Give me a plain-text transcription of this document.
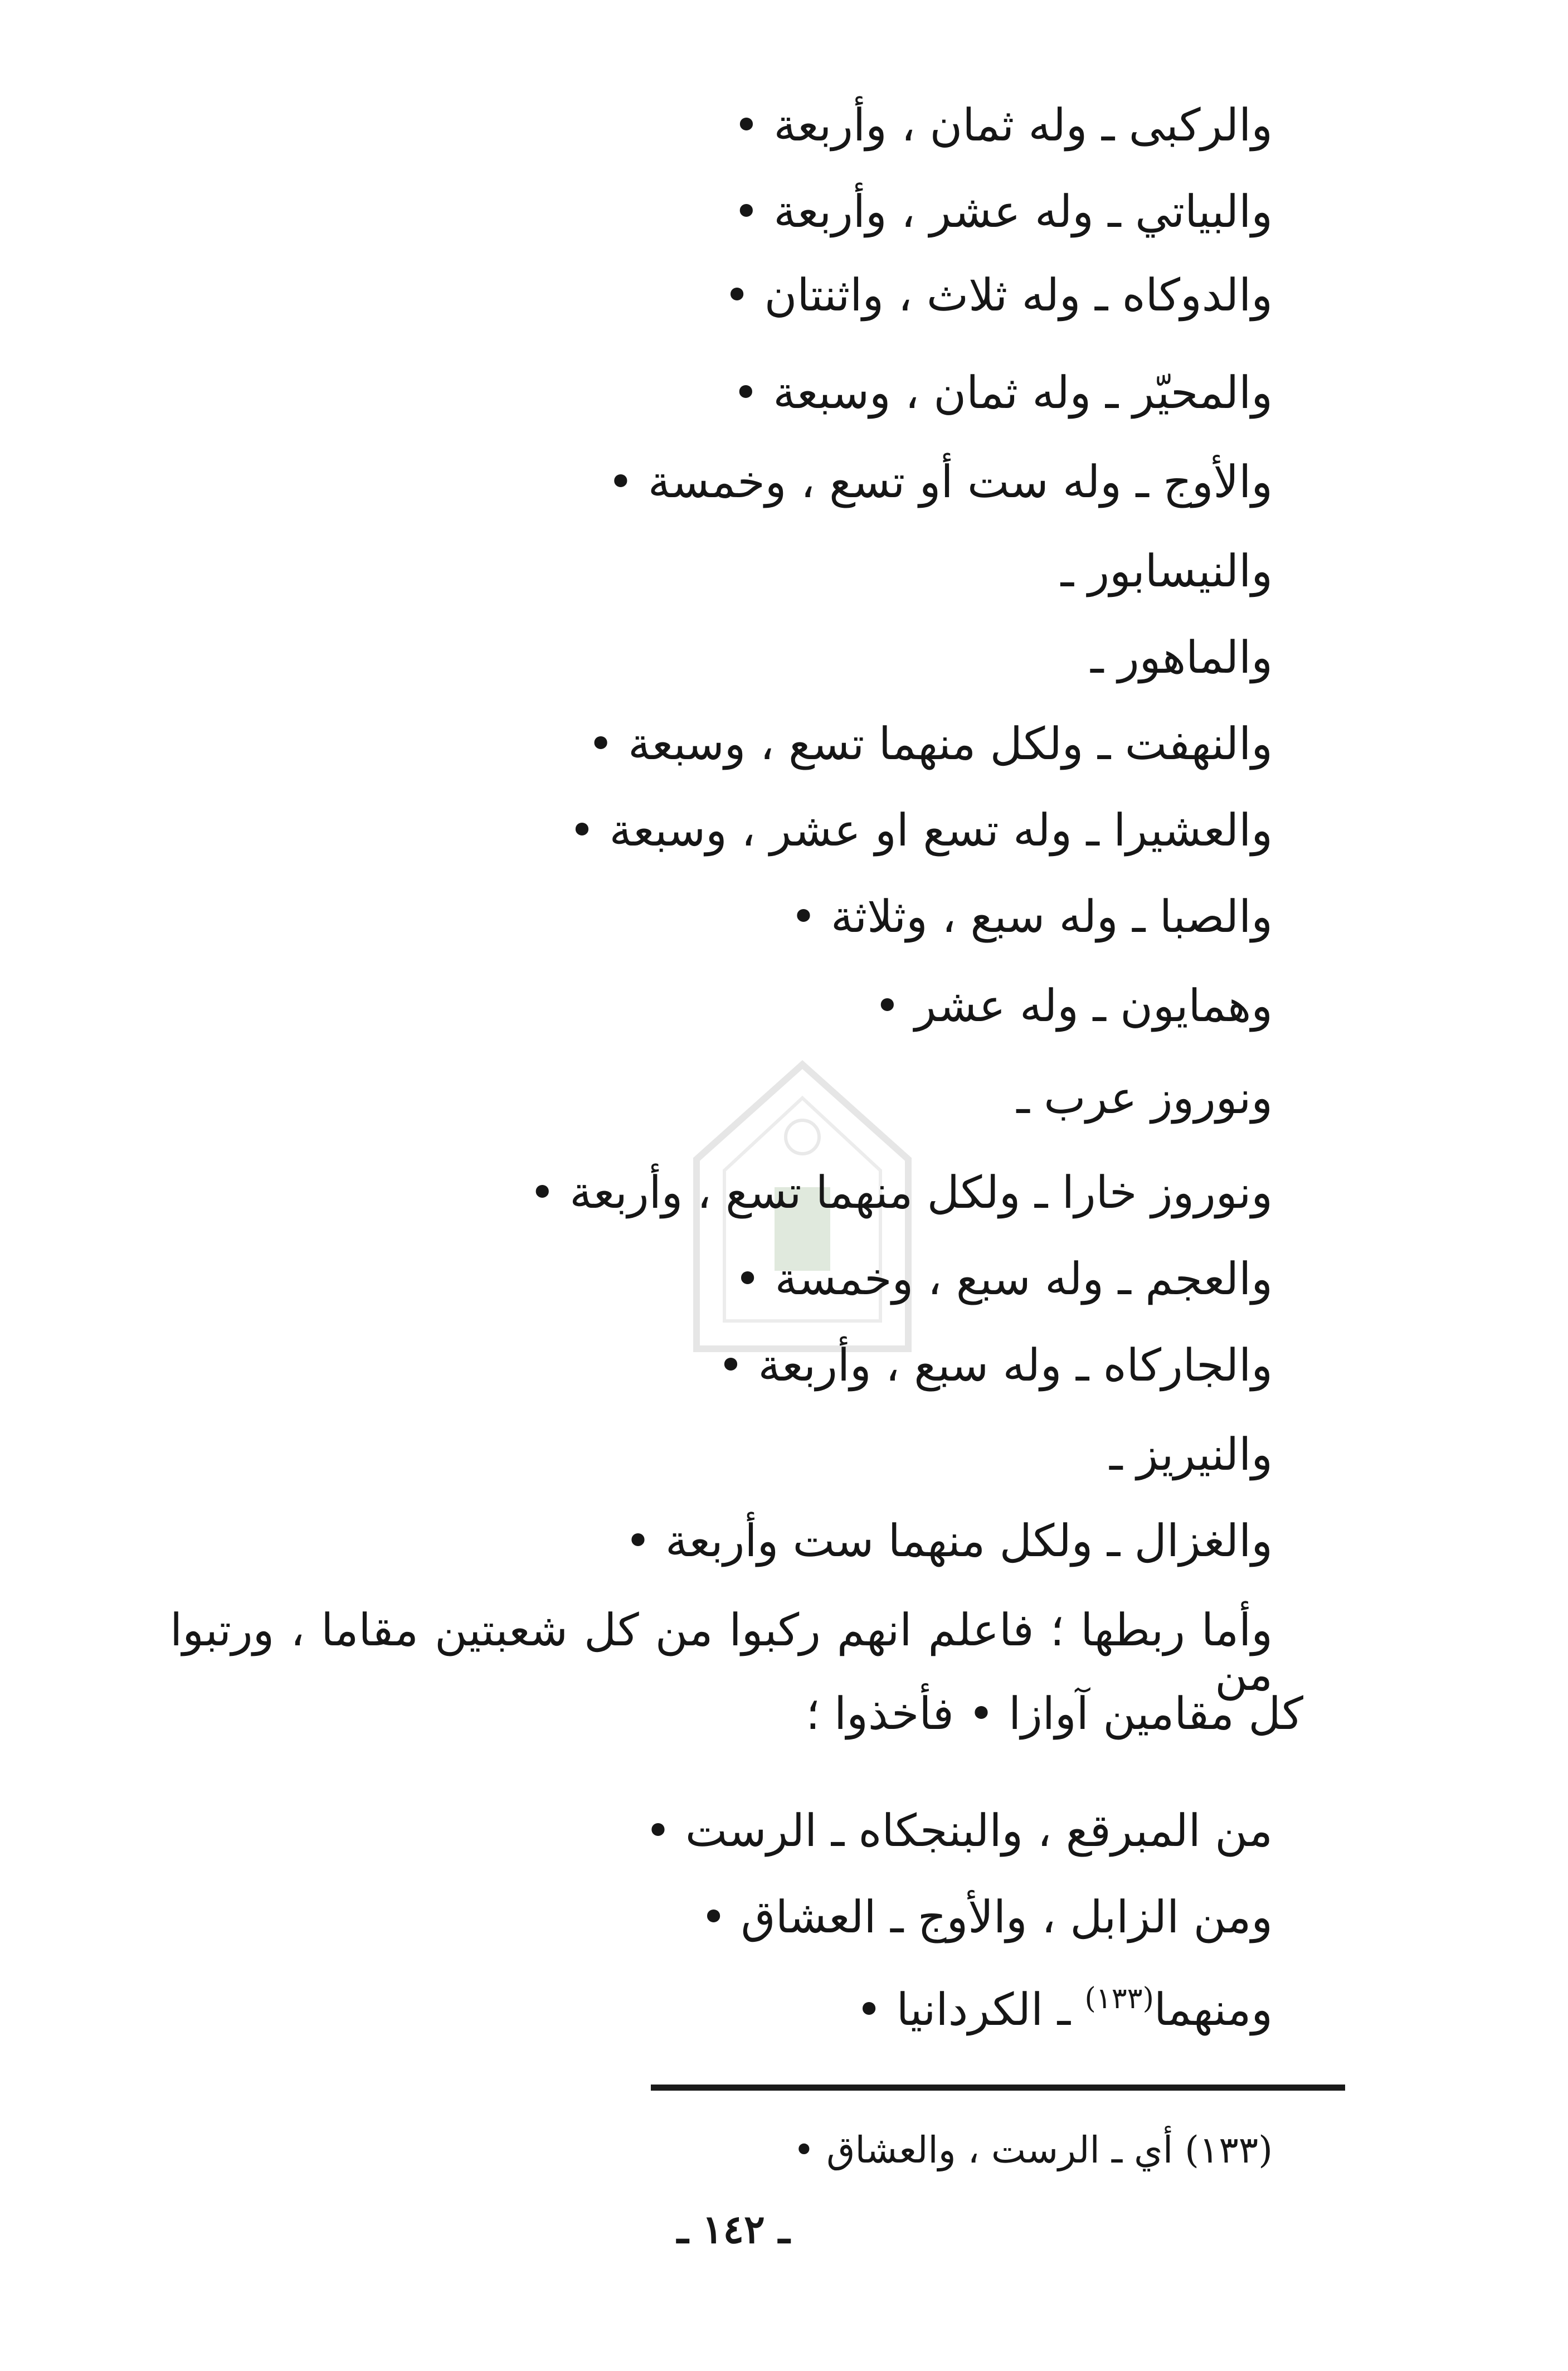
والركبى ـ وله ثمان ، وأربعة •
والبياتي ـ وله عشر ، وأربعة •
والدوكاه ـ وله ثلاث ، واثنتان •
والمحيّر ـ وله ثمان ، وسبعة •
والأوج ـ وله ست أو تسع ، وخمسة •
والنيسابور ـ
والماهور ـ
والنهفت ـ ولكل منهما تسع ، وسبعة •
والعشيرا ـ وله تسع او عشر ، وسبعة •
والصبا ـ وله سبع ، وثلاثة •
وهمايون ـ وله عشر •
ونوروز عرب ـ
ونوروز خارا ـ ولكل منهما تسع ، وأربعة •
والعجم ـ وله سبع ، وخمسة •
والجاركاه ـ وله سبع ، وأربعة •
والنيريز ـ
والغزال ـ ولكل منهما ست وأربعة •
وأما ربطها ؛ فاعلم انهم ركبوا من كل شعبتين مقاما ، ورتبوا من
كل مقامين آوازا • فأخذوا ؛
من المبرقع ، والبنجكاه ـ الرست •
ومن الزابل ، والأوج ـ العشاق •
ومنهما$^{(١٣٣)}$ ـ الكردانيا •
(١٣٣) أي ـ الرست ، والعشاق •
ـ ١٤٢ ـ
